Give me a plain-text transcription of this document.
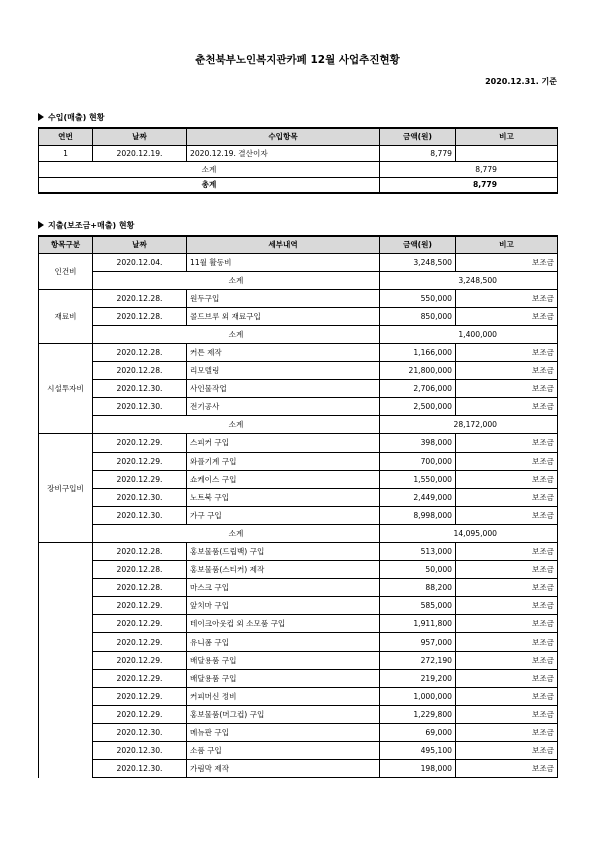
춘천북부노인복지관카페 12월 사업추진현황
2020.12.31. 기준
수입(매출) 현황
연번	날짜	수입항목	금액(원)	비고
1	2020.12.19.	2020.12.19. 결산이자	8,779	
소계			8,779	
총계			8,779	
지출(보조금+매출) 현황
항목구분	날짜	세부내역	금액(원)	비고
인건비	2020.12.04.	11월 활동비	3,248,500	보조금
	소계		3,248,500	
재료비	2020.12.28.	원두구입	550,000	보조금
	2020.12.28.	콜드브루 외 재료구입	850,000	보조금
	소계		1,400,000	
시설투자비	2020.12.28.	커튼 제작	1,166,000	보조금
	2020.12.28.	리모델링	21,800,000	보조금
	2020.12.30.	사인물작업	2,706,000	보조금
	2020.12.30.	전기공사	2,500,000	보조금
	소계		28,172,000	
장비구입비	2020.12.29.	스피커 구입	398,000	보조금
	2020.12.29.	와플기계 구입	700,000	보조금
	2020.12.29.	쇼케이스 구입	1,550,000	보조금
	2020.12.30.	노트북 구입	2,449,000	보조금
	2020.12.30.	가구 구입	8,998,000	보조금
	소계		14,095,000	
	2020.12.28.	홍보물품(드립백) 구입	513,000	보조금
	2020.12.28.	홍보물품(스티커) 제작	50,000	보조금
	2020.12.28.	마스크 구입	88,200	보조금
	2020.12.29.	앞치마 구입	585,000	보조금
	2020.12.29.	테이크아웃컵 외 소모품 구입	1,911,800	보조금
	2020.12.29.	유니폼 구입	957,000	보조금
	2020.12.29.	배달용품 구입	272,190	보조금
	2020.12.29.	배달용품 구입	219,200	보조금
	2020.12.29.	커피머신 정비	1,000,000	보조금
	2020.12.29.	홍보물품(머그컵) 구입	1,229,800	보조금
	2020.12.30.	메뉴판 구입	69,000	보조금
	2020.12.30.	소품 구입	495,100	보조금
	2020.12.30.	가림막 제작	198,000	보조금
